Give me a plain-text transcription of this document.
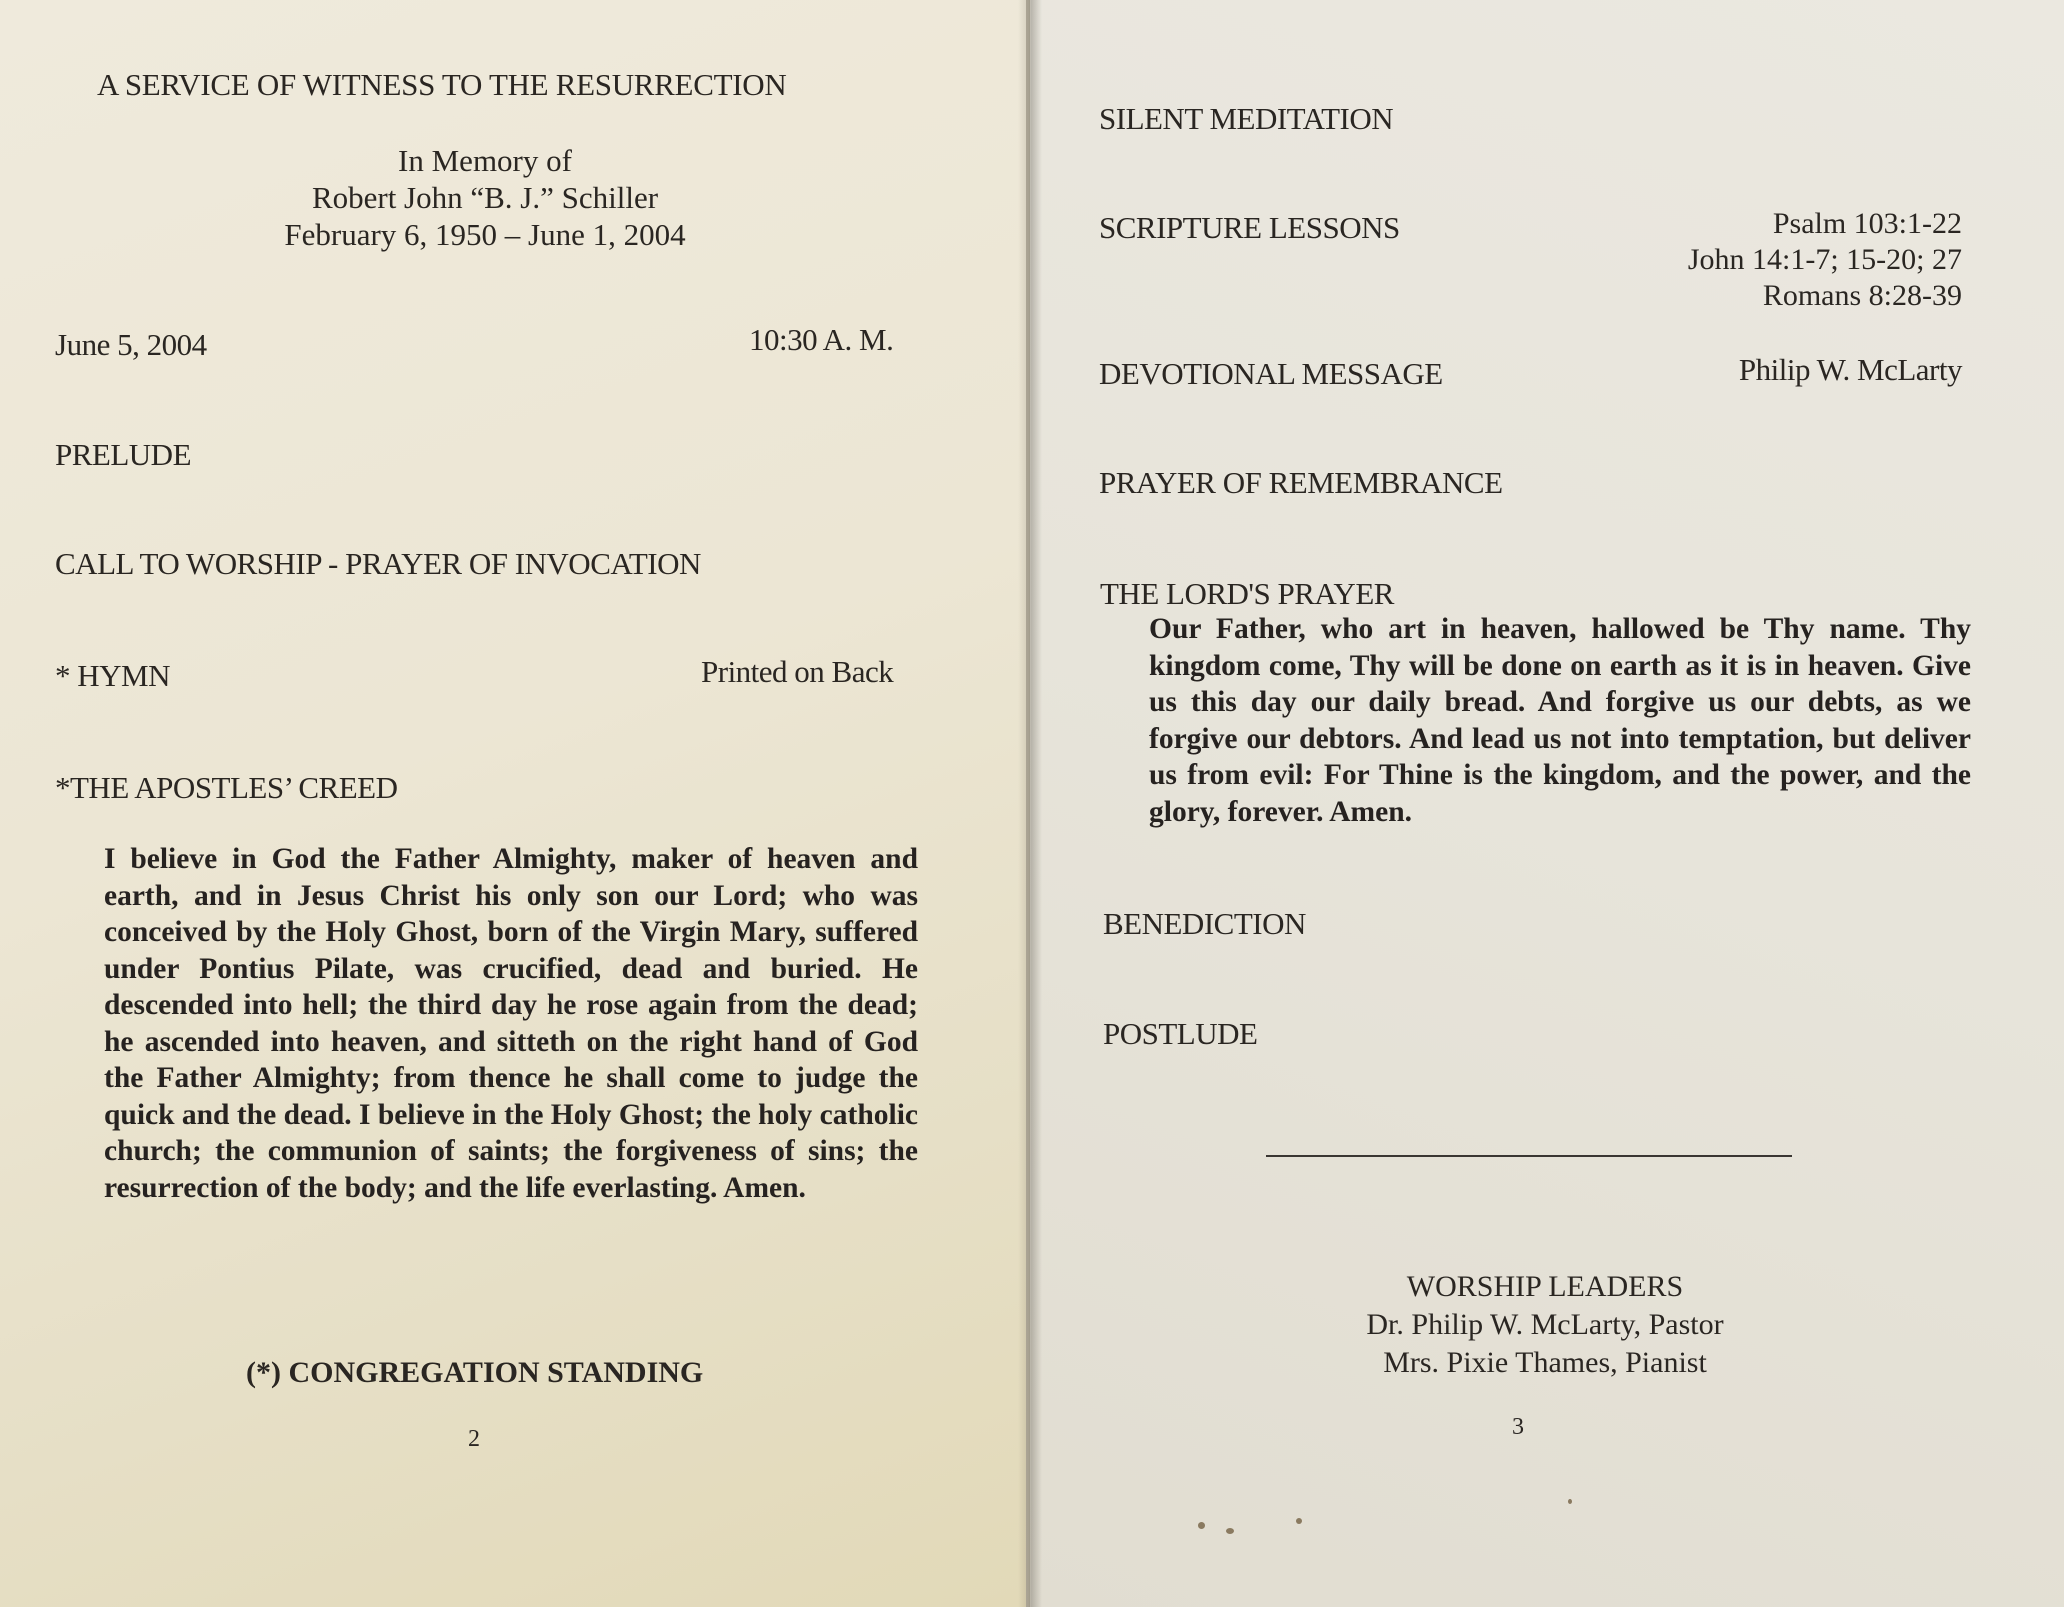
A SERVICE OF WITNESS TO THE RESURRECTION
In Memory of
Robert John “B. J.” Schiller
February 6, 1950 – June 1, 2004
June 5, 2004	10:30 A. M.
PRELUDE
CALL TO WORSHIP - PRAYER OF INVOCATION
* HYMN	Printed on Back
*THE APOSTLES’ CREED
I believe in God the Father Almighty, maker of heaven and earth, and in Jesus Christ his only son our Lord; who was conceived by the Holy Ghost, born of the Virgin Mary, suffered under Pontius Pilate, was crucified, dead and buried. He descended into hell; the third day he rose again from the dead; he ascended into heaven, and sitteth on the right hand of God the Father Almighty; from thence he shall come to judge the quick and the dead. I believe in the Holy Ghost; the holy catholic church; the communion of saints; the forgiveness of sins; the resurrection of the body; and the life everlasting. Amen.
(*) CONGREGATION STANDING
2
SILENT MEDITATION
SCRIPTURE LESSONS	Psalm 103:1-22
John 14:1-7; 15-20; 27
Romans 8:28-39
DEVOTIONAL MESSAGE	Philip W. McLarty
PRAYER OF REMEMBRANCE
THE LORD'S PRAYER
Our Father, who art in heaven, hallowed be Thy name. Thy kingdom come, Thy will be done on earth as it is in heaven. Give us this day our daily bread. And forgive us our debts, as we forgive our debtors. And lead us not into temptation, but deliver us from evil: For Thine is the kingdom, and the power, and the glory, forever. Amen.
BENEDICTION
POSTLUDE
WORSHIP LEADERS
Dr. Philip W. McLarty, Pastor
Mrs. Pixie Thames, Pianist
3
